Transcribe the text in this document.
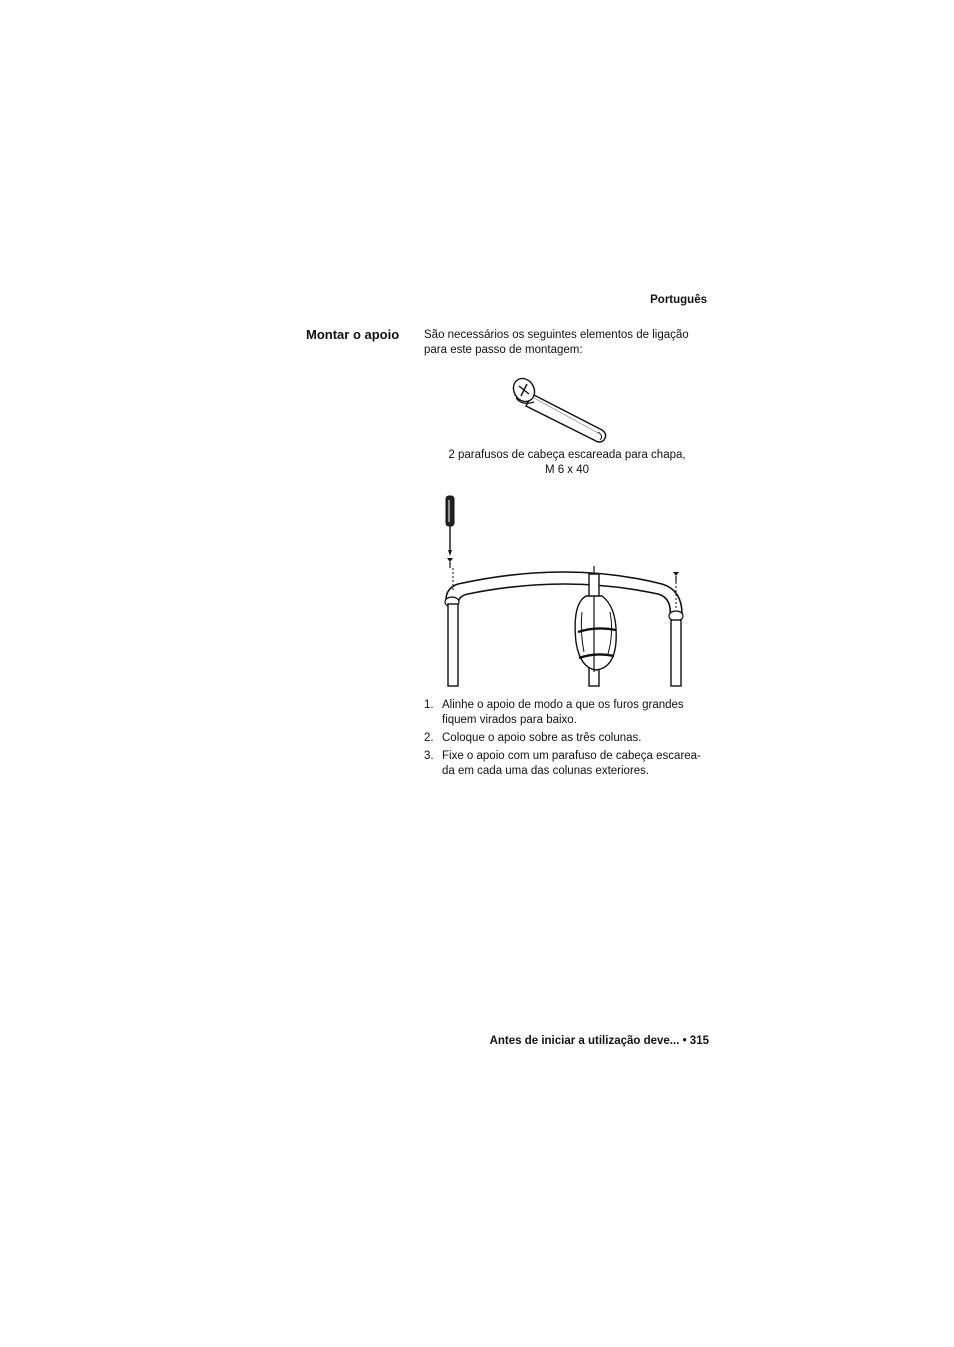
Português
Montar o apoio São necessários os seguintes elementos de ligação
para este passo de montagem:
2 parafusos de cabeça escareada para chapa,
M 6 x 40
1. Alinhe o apoio de modo a que os furos grandes
fiquem virados para baixo.
2. Coloque o apoio sobre as três colunas.
3. Fixe o apoio com um parafuso de cabeça escarea-
da em cada uma das colunas exteriores.
Antes de iniciar a utilização deve... • 315
